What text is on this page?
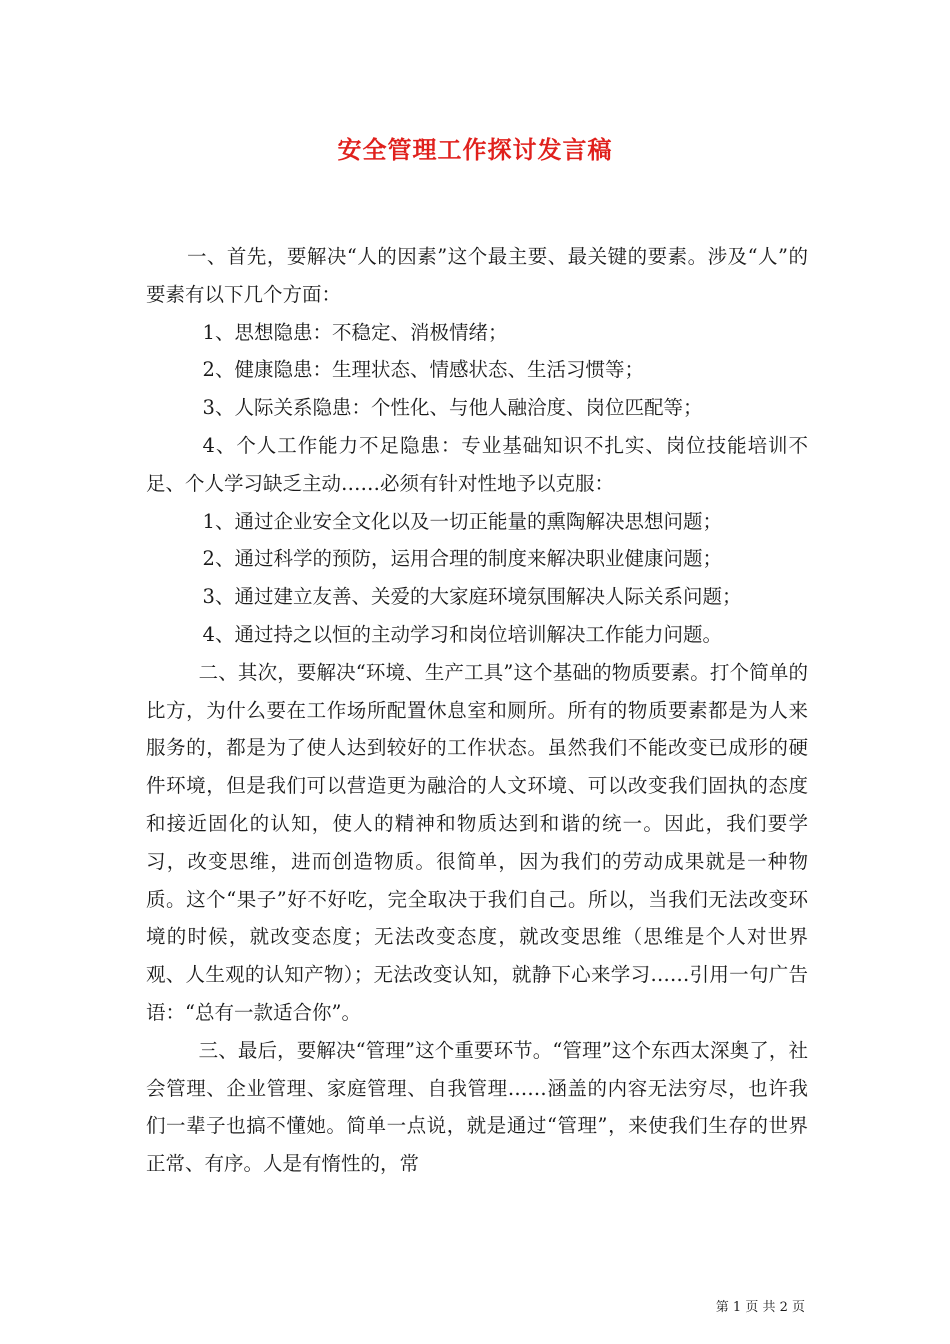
安全管理工作探讨发言稿

一、首先，要解决“人的因素”这个最主要、最关键的要素。涉及“人”的要素有以下几个方面：

1、思想隐患：不稳定、消极情绪；

2、健康隐患：生理状态、情感状态、生活习惯等；

3、人际关系隐患：个性化、与他人融洽度、岗位匹配等；

4、个人工作能力不足隐患：专业基础知识不扎实、岗位技能培训不足、个人学习缺乏主动……必须有针对性地予以克服：

1、通过企业安全文化以及一切正能量的熏陶解决思想问题；

2、通过科学的预防，运用合理的制度来解决职业健康问题；

3、通过建立友善、关爱的大家庭环境氛围解决人际关系问题；

4、通过持之以恒的主动学习和岗位培训解决工作能力问题。

二、其次，要解决“环境、生产工具”这个基础的物质要素。打个简单的比方，为什么要在工作场所配置休息室和厕所。所有的物质要素都是为人来服务的，都是为了使人达到较好的工作状态。虽然我们不能改变已成形的硬件环境，但是我们可以营造更为融洽的人文环境、可以改变我们固执的态度和接近固化的认知，使人的精神和物质达到和谐的统一。因此，我们要学习，改变思维，进而创造物质。很简单，因为我们的劳动成果就是一种物质。这个“果子”好不好吃，完全取决于我们自己。所以，当我们无法改变环境的时候，就改变态度；无法改变态度，就改变思维（思维是个人对世界观、人生观的认知产物）；无法改变认知，就静下心来学习……引用一句广告语：“总有一款适合你”。

三、最后，要解决“管理”这个重要环节。“管理”这个东西太深奥了，社会管理、企业管理、家庭管理、自我管理……涵盖的内容无法穷尽，也许我们一辈子也搞不懂她。简单一点说，就是通过“管理”，来使我们生存的世界正常、有序。人是有惰性的，常

第 1 页 共 2 页
